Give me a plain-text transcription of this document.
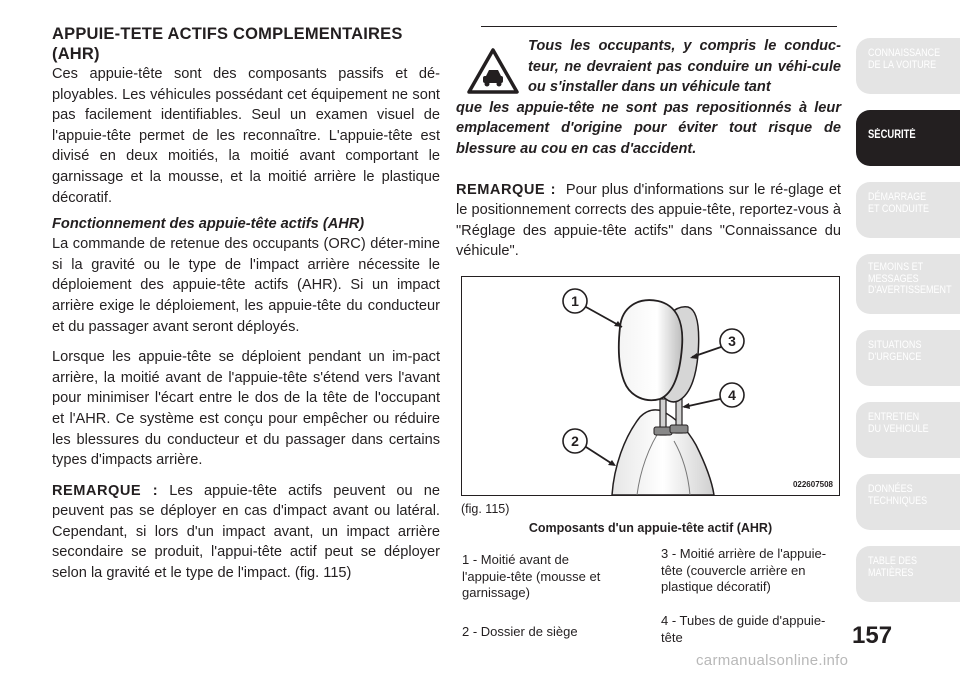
APPUIE-TETE ACTIFS COMPLEMENTAIRES (AHR)

Ces appuie-tête sont des composants passifs et dé-ployables. Les véhicules possédant cet équipement ne sont pas facilement identifiables. Seul un examen visuel de l'appuie-tête permet de les reconnaître. L'appuie-tête est divisé en deux moitiés, la moitié avant comportant le garnissage et la mousse, et la moitié arrière le plastique décoratif.

Fonctionnement des appuie-tête actifs (AHR)

La commande de retenue des occupants (ORC) déter-mine si la gravité ou le type de l'impact arrière nécessite le déploiement des appuie-tête actifs (AHR). Si un impact arrière exige le déploiement, les appuie-tête du conducteur et du passager avant seront déployés.

Lorsque les appuie-tête se déploient pendant un im-pact arrière, la moitié avant de l'appuie-tête s'étend vers l'avant pour minimiser l'écart entre le dos de la tête de l'occupant et l'AHR. Ce système est conçu pour empêcher ou réduire les blessures du conducteur et du passager dans certains types d'impacts arrière.

REMARQUE : Les appuie-tête actifs peuvent ou ne peuvent pas se déployer en cas d'impact avant ou latéral. Cependant, si lors d'un impact avant, un impact arrière secondaire se produit, l'appui-tête actif peut se déployer selon la gravité et le type de l'impact. (fig. 115)

Tous les occupants, y compris le conduc-teur, ne devraient pas conduire un véhi-cule ou s'installer dans un véhicule tant
que les appuie-tête ne sont pas repositionnés à leur emplacement d'origine pour éviter tout risque de blessure au cou en cas d'accident.

REMARQUE : Pour plus d'informations sur le ré-glage et le positionnement corrects des appuie-tête, reportez-vous à "Réglage des appuie-tête actifs" dans "Connaissance du véhicule".

1
3
4
2
022607508
(fig. 115)
Composants d'un appuie-tête actif (AHR)
1 - Moitié avant de l'appuie-tête (mousse et garnissage)
2 - Dossier de siège
3 - Moitié arrière de l'appuie-tête (couvercle arrière en plastique décoratif)
4 - Tubes de guide d'appuie-tête
CONNAISSANCE
DE LA VOITURE
SÉCURITÉ
DÉMARRAGE
ET CONDUITE
TEMOINS ET
MESSAGES
D'AVERTISSEMENT
SITUATIONS
D'URGENCE
ENTRETIEN
DU VEHICULE
DONNÉES
TECHNIQUES
TABLE DES
MATIÈRES
157
carmanualsonline.info
